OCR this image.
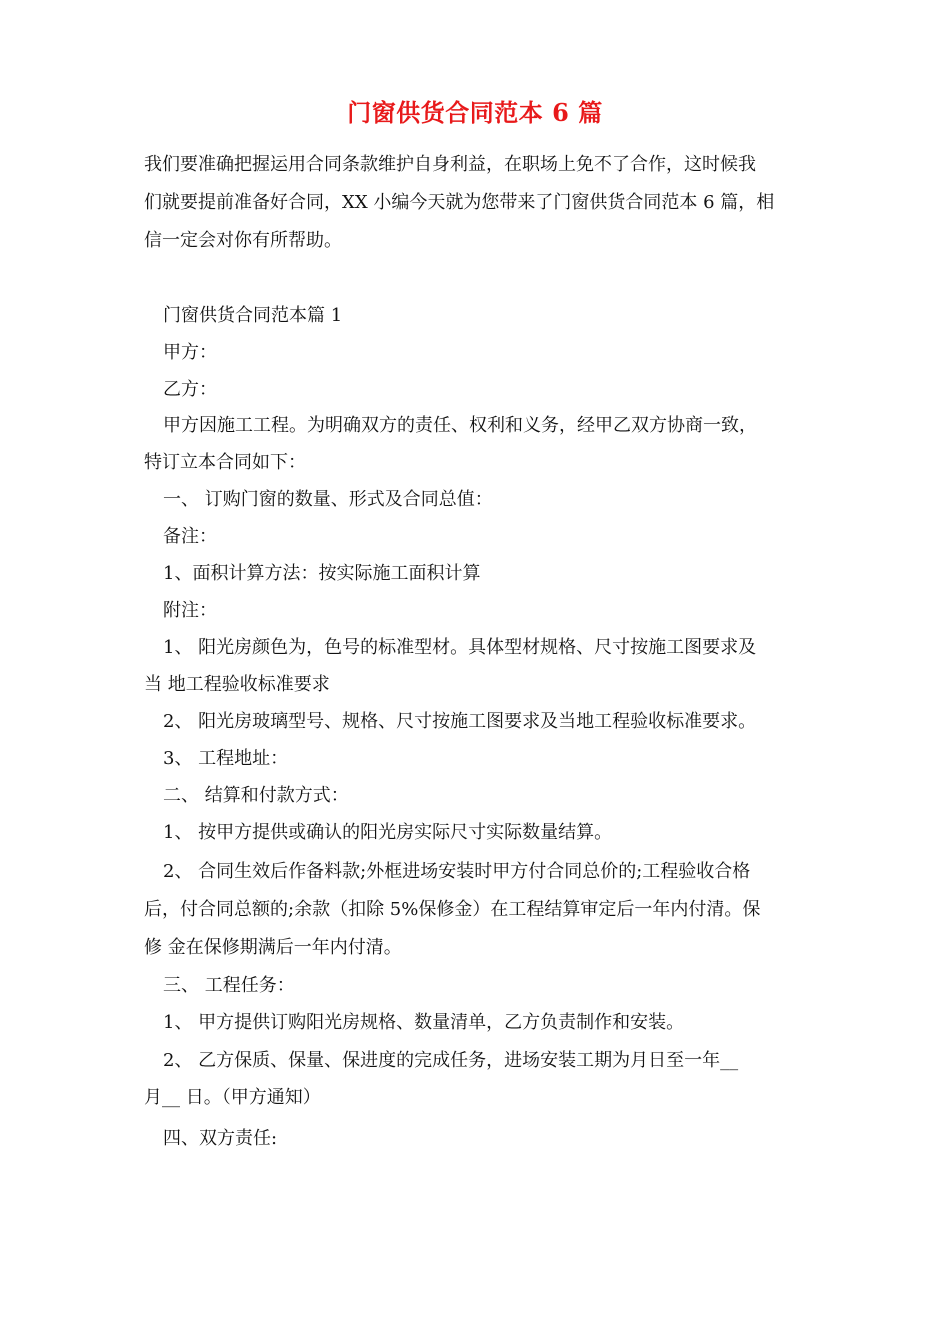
门窗供货合同范本 6 篇
我们要准确把握运用合同条款维护自身利益，在职场上免不了合作，这时候我
们就要提前准备好合同，XX 小编今天就为您带来了门窗供货合同范本 6 篇，相
信一定会对你有所帮助。
门窗供货合同范本篇 1
甲方：
乙方：
甲方因施工工程。为明确双方的责任、权利和义务，经甲乙双方协商一致，
特订立本合同如下：
一、 订购门窗的数量、形式及合同总值：
备注：
1、面积计算方法：按实际施工面积计算
附注：
1、 阳光房颜色为，色号的标准型材。具体型材规格、尺寸按施工图要求及
当 地工程验收标准要求
2、 阳光房玻璃型号、规格、尺寸按施工图要求及当地工程验收标准要求。
3、 工程地址：
二、 结算和付款方式：
1、 按甲方提供或确认的阳光房实际尺寸实际数量结算。
2、 合同生效后作备料款;外框进场安装时甲方付合同总价的;工程验收合格
后，付合同总额的;余款（扣除 5%保修金）在工程结算审定后一年内付清。保
修 金在保修期满后一年内付清。
三、 工程任务：
1、 甲方提供订购阳光房规格、数量清单，乙方负责制作和安装。
2、 乙方保质、保量、保进度的完成任务，进场安装工期为月日至一年__
月__ 日。（甲方通知）
四、双方责任:
